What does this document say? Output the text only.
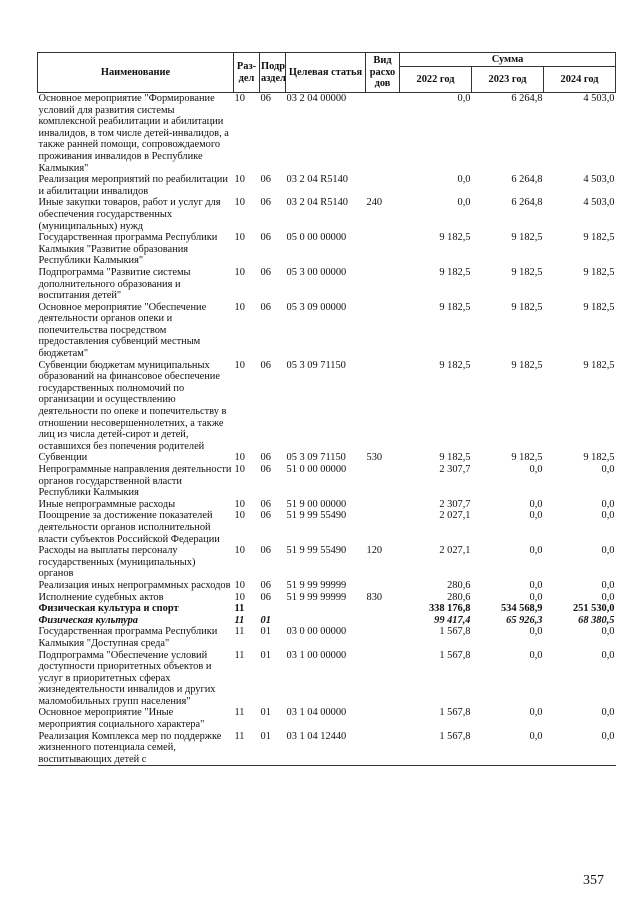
Наименование	Раз-дел	Подр аздел	Целевая статья	Вид расхо дов	Сумма		
					2022 год	2023 год	2024 год
Основное мероприятие "Формирование условий для развития системы комплексной реабилитации и абилитации инвалидов, в том числе детей-инвалидов, а также ранней помощи, сопровождаемого проживания инвалидов в Республике Калмыкия"	10	06	03 2 04 00000		0,0	6 264,8	4 503,0
Реализация мероприятий по реабилитации и абилитации инвалидов	10	06	03 2 04 R5140		0,0	6 264,8	4 503,0
Иные закупки товаров, работ и услуг для обеспечения государственных (муниципальных) нужд	10	06	03 2 04 R5140	240	0,0	6 264,8	4 503,0
Государственная программа Республики Калмыкия "Развитие образования Республики Калмыкия"	10	06	05 0 00 00000		9 182,5	9 182,5	9 182,5
Подпрограмма "Развитие системы дополнительного образования и воспитания детей"	10	06	05 3 00 00000		9 182,5	9 182,5	9 182,5
Основное мероприятие "Обеспечение деятельности органов опеки и попечительства посредством предоставления субвенций местным бюджетам"	10	06	05 3 09 00000		9 182,5	9 182,5	9 182,5
Субвенции бюджетам муниципальных образований на финансовое обеспечение государственных полномочий по организации и осуществлению деятельности по опеке и попечительству в отношении несовершеннолетних, а также лиц из числа детей-сирот и детей, оставшихся без попечения родителей	10	06	05 3 09 71150		9 182,5	9 182,5	9 182,5
Субвенции	10	06	05 3 09 71150	530	9 182,5	9 182,5	9 182,5
Непрограммные направления деятельности органов государственной власти Республики Калмыкия	10	06	51 0 00 00000		2 307,7	0,0	0,0
Иные непрограммные расходы	10	06	51 9 00 00000		2 307,7	0,0	0,0
Поощрение за достижение показателей деятельности органов исполнительной власти субъектов Российской Федерации	10	06	51 9 99 55490		2 027,1	0,0	0,0
Расходы на выплаты персоналу государственных (муниципальных) органов	10	06	51 9 99 55490	120	2 027,1	0,0	0,0
Реализация иных непрограммных расходов	10	06	51 9 99 99999		280,6	0,0	0,0
Исполнение судебных актов	10	06	51 9 99 99999	830	280,6	0,0	0,0
Физическая культура и спорт	11				338 176,8	534 568,9	251 530,0
Физическая культура	11	01			99 417,4	65 926,3	68 380,5
Государственная программа Республики Калмыкия "Доступная среда"	11	01	03 0 00 00000		1 567,8	0,0	0,0
Подпрограмма "Обеспечение условий доступности приоритетных объектов и услуг в приоритетных сферах жизнедеятельности инвалидов и других маломобильных групп населения"	11	01	03 1 00 00000		1 567,8	0,0	0,0
Основное мероприятие "Иные мероприятия социального характера"	11	01	03 1 04 00000		1 567,8	0,0	0,0
Реализация Комплекса мер по поддержке жизненного потенциала семей, воспитывающих детей с	11	01	03 1 04 12440		1 567,8	0,0	0,0
357
